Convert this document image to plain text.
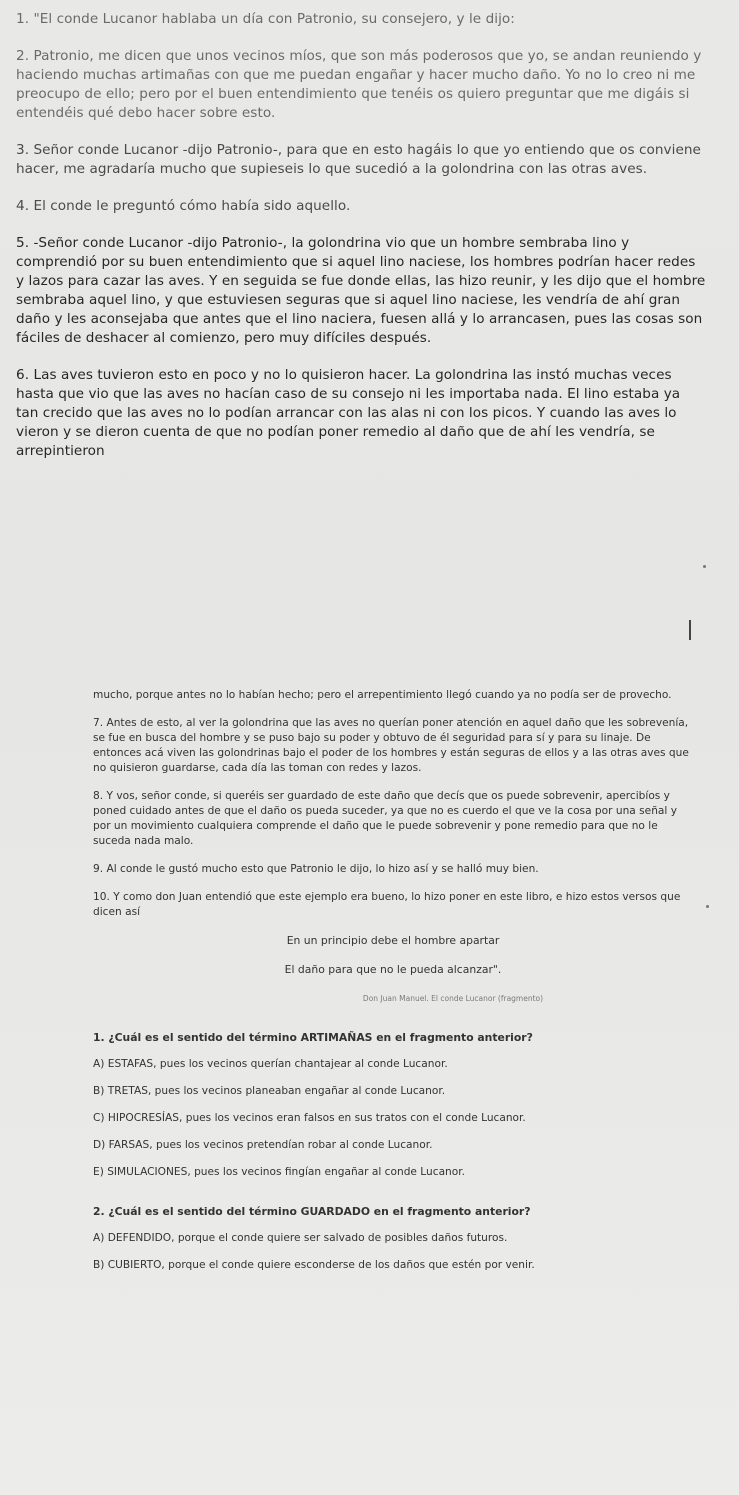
1. "El conde Lucanor hablaba un día con Patronio, su consejero, y le dijo:

2. Patronio, me dicen que unos vecinos míos, que son más poderosos que yo, se andan reuniendo y haciendo muchas artimañas con que me puedan engañar y hacer mucho daño. Yo no lo creo ni me preocupo de ello; pero por el buen entendimiento que tenéis os quiero preguntar que me digáis si entendéis qué debo hacer sobre esto.

3. Señor conde Lucanor -dijo Patronio-, para que en esto hagáis lo que yo entiendo que os conviene hacer, me agradaría mucho que supieseis lo que sucedió a la golondrina con las otras aves.

4. El conde le preguntó cómo había sido aquello.

5. -Señor conde Lucanor -dijo Patronio-, la golondrina vio que un hombre sembraba lino y comprendió por su buen entendimiento que si aquel lino naciese, los hombres podrían hacer redes y lazos para cazar las aves. Y en seguida se fue donde ellas, las hizo reunir, y les dijo que el hombre sembraba aquel lino, y que estuviesen seguras que si aquel lino naciese, les vendría de ahí gran daño y les aconsejaba que antes que el lino naciera, fuesen allá y lo arrancasen, pues las cosas son fáciles de deshacer al comienzo, pero muy difíciles después.

6. Las aves tuvieron esto en poco y no lo quisieron hacer. La golondrina las instó muchas veces hasta que vio que las aves no hacían caso de su consejo ni les importaba nada. El lino estaba ya tan crecido que las aves no lo podían arrancar con las alas ni con los picos. Y cuando las aves lo vieron y se dieron cuenta de que no podían poner remedio al daño que de ahí les vendría, se arrepintieron

mucho, porque antes no lo habían hecho; pero el arrepentimiento llegó cuando ya no podía ser de provecho.

7. Antes de esto, al ver la golondrina que las aves no querían poner atención en aquel daño que les sobrevenía, se fue en busca del hombre y se puso bajo su poder y obtuvo de él seguridad para sí y para su linaje. De entonces acá viven las golondrinas bajo el poder de los hombres y están seguras de ellos y a las otras aves que no quisieron guardarse, cada día las toman con redes y lazos.

8. Y vos, señor conde, si queréis ser guardado de este daño que decís que os puede sobrevenir, apercibíos y poned cuidado antes de que el daño os pueda suceder, ya que no es cuerdo el que ve la cosa por una señal y por un movimiento cualquiera comprende el daño que le puede sobrevenir y pone remedio para que no le suceda nada malo.

9. Al conde le gustó mucho esto que Patronio le dijo, lo hizo así y se halló muy bien.

10. Y como don Juan entendió que este ejemplo era bueno, lo hizo poner en este libro, e hizo estos versos que dicen así

En un principio debe el hombre apartar

El daño para que no le pueda alcanzar".

Don Juan Manuel. El conde Lucanor (fragmento)

1. ¿Cuál es el sentido del término ARTIMAÑAS en el fragmento anterior?

A) ESTAFAS, pues los vecinos querían chantajear al conde Lucanor.

B) TRETAS, pues los vecinos planeaban engañar al conde Lucanor.

C) HIPOCRESÍAS, pues los vecinos eran falsos en sus tratos con el conde Lucanor.

D) FARSAS, pues los vecinos pretendían robar al conde Lucanor.

E) SIMULACIONES, pues los vecinos fingían engañar al conde Lucanor.

2. ¿Cuál es el sentido del término GUARDADO en el fragmento anterior?

A) DEFENDIDO, porque el conde quiere ser salvado de posibles daños futuros.

B) CUBIERTO, porque el conde quiere esconderse de los daños que estén por venir.
